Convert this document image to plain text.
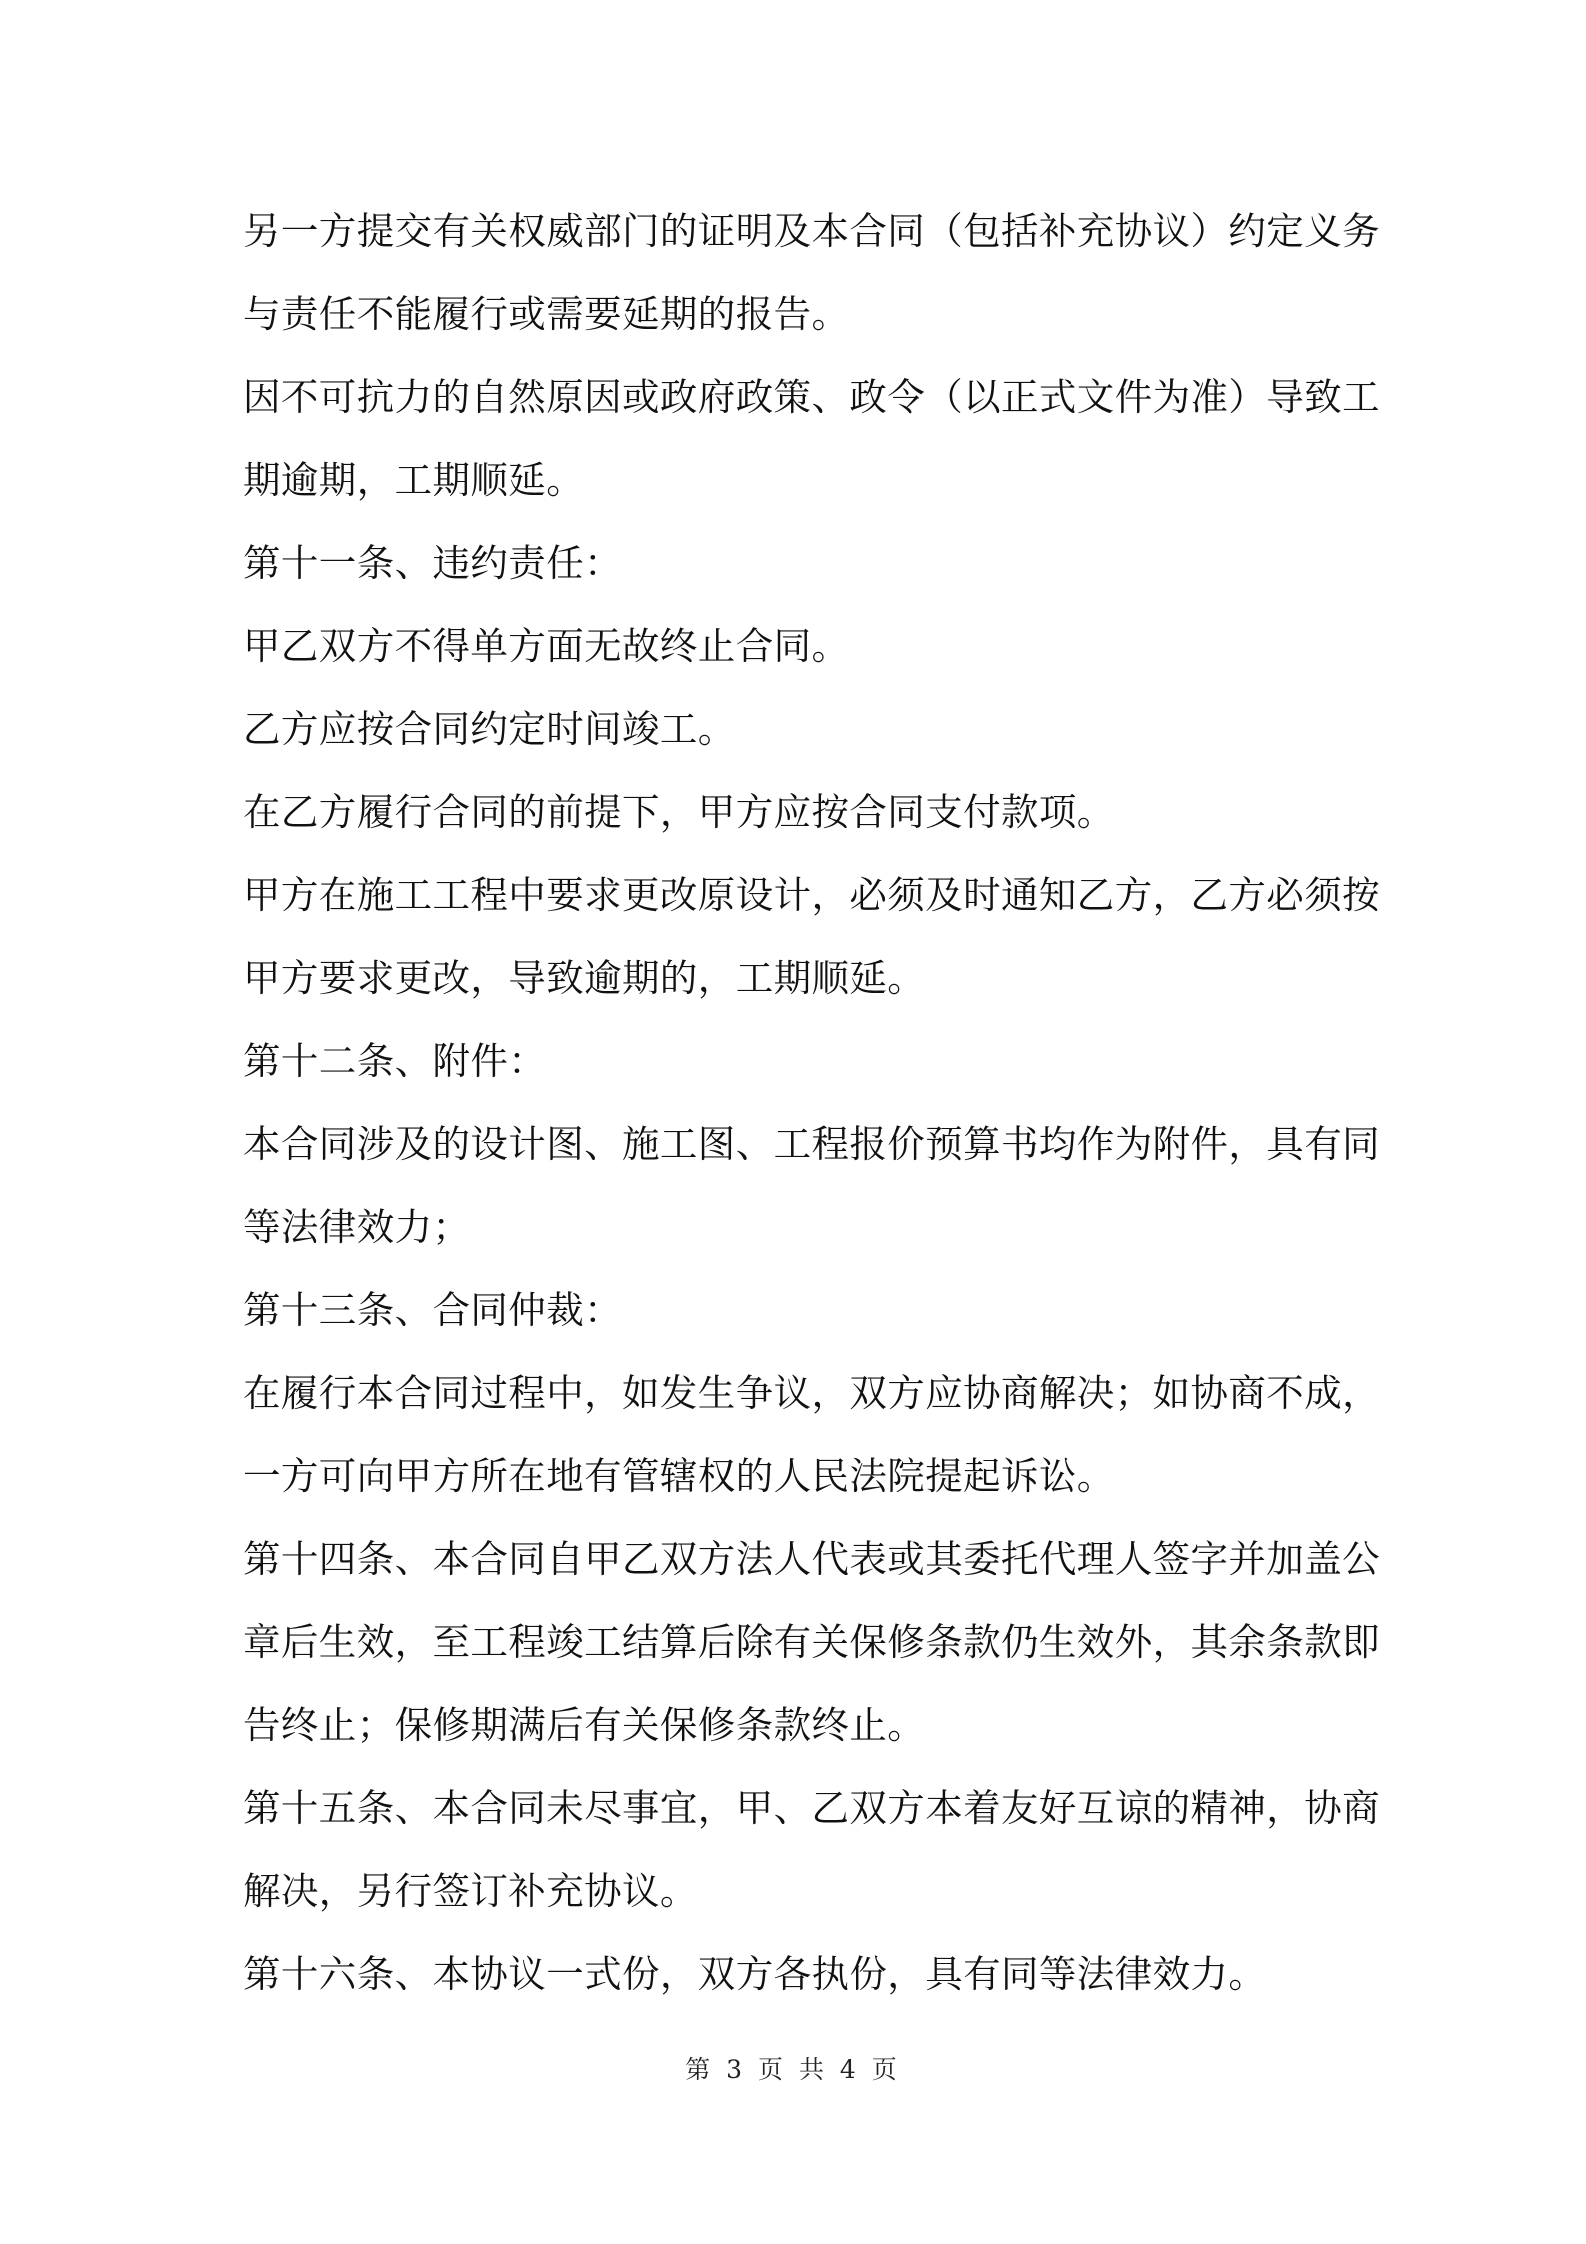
另一方提交有关权威部门的证明及本合同（包括补充协议）约定义务
与责任不能履行或需要延期的报告。
因不可抗力的自然原因或政府政策、政令（以正式文件为准）导致工
期逾期，工期顺延。
第十一条、违约责任：
甲乙双方不得单方面无故终止合同。
乙方应按合同约定时间竣工。
在乙方履行合同的前提下，甲方应按合同支付款项。
甲方在施工工程中要求更改原设计，必须及时通知乙方，乙方必须按
甲方要求更改，导致逾期的，工期顺延。
第十二条、附件：
本合同涉及的设计图、施工图、工程报价预算书均作为附件，具有同
等法律效力；
第十三条、合同仲裁：
在履行本合同过程中，如发生争议，双方应协商解决；如协商不成，
一方可向甲方所在地有管辖权的人民法院提起诉讼。
第十四条、本合同自甲乙双方法人代表或其委托代理人签字并加盖公
章后生效，至工程竣工结算后除有关保修条款仍生效外，其余条款即
告终止；保修期满后有关保修条款终止。
第十五条、本合同未尽事宜，甲、乙双方本着友好互谅的精神，协商
解决，另行签订补充协议。
第十六条、本协议一式份，双方各执份，具有同等法律效力。
第 3 页 共 4 页
